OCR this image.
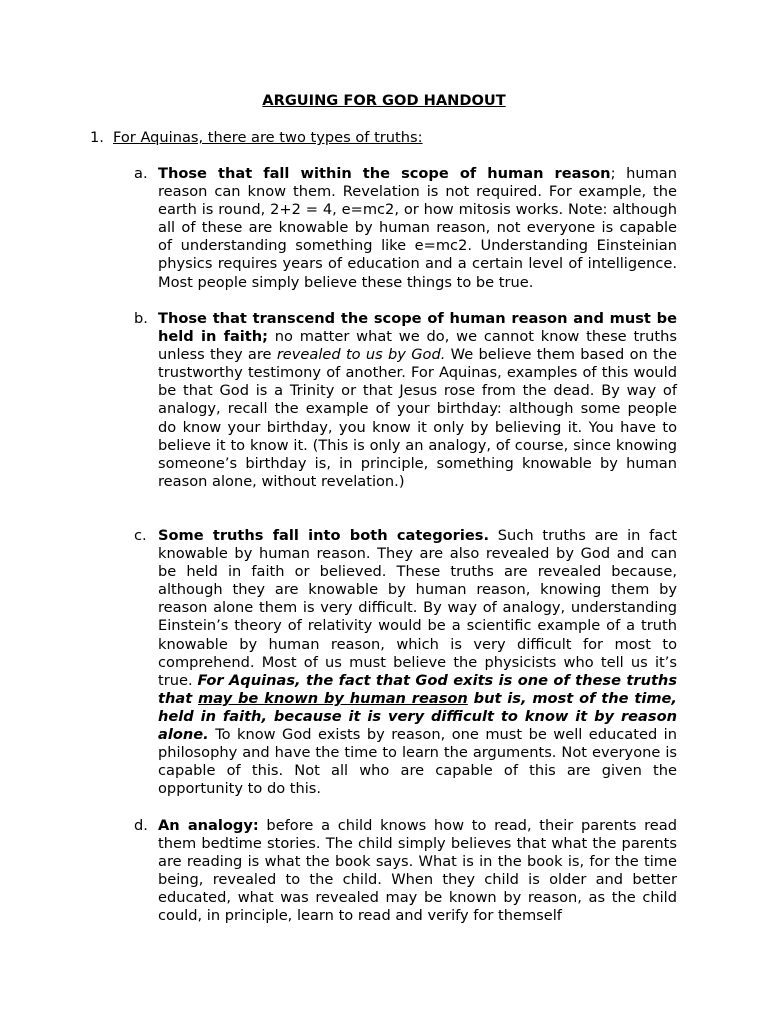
ARGUING FOR GOD HANDOUT
1. For Aquinas, there are two types of truths:
a. Those that fall within the scope of human reason; human reason can know them. Revelation is not required. For example, the earth is round, 2+2 = 4, e=mc2, or how mitosis works. Note: although all of these are knowable by human reason, not everyone is capable of understanding something like e=mc2. Understanding Einsteinian physics requires years of education and a certain level of intelligence. Most people simply believe these things to be true.
b. Those that transcend the scope of human reason and must be held in faith; no matter what we do, we cannot know these truths unless they are revealed to us by God. We believe them based on the trustworthy testimony of another. For Aquinas, examples of this would be that God is a Trinity or that Jesus rose from the dead. By way of analogy, recall the example of your birthday: although some people do know your birthday, you know it only by believing it. You have to believe it to know it. (This is only an analogy, of course, since knowing someone’s birthday is, in principle, something knowable by human reason alone, without revelation.)
c. Some truths fall into both categories. Such truths are in fact knowable by human reason. They are also revealed by God and can be held in faith or believed. These truths are revealed because, although they are knowable by human reason, knowing them by reason alone them is very difficult. By way of analogy, understanding Einstein’s theory of relativity would be a scientific example of a truth knowable by human reason, which is very difficult for most to comprehend. Most of us must believe the physicists who tell us it’s true. For Aquinas, the fact that God exits is one of these truths that may be known by human reason but is, most of the time, held in faith, because it is very difficult to know it by reason alone. To know God exists by reason, one must be well educated in philosophy and have the time to learn the arguments. Not everyone is capable of this. Not all who are capable of this are given the opportunity to do this.
d. An analogy: before a child knows how to read, their parents read them bedtime stories. The child simply believes that what the parents are reading is what the book says. What is in the book is, for the time being, revealed to the child. When they child is older and better educated, what was revealed may be known by reason, as the child could, in principle, learn to read and verify for themself
